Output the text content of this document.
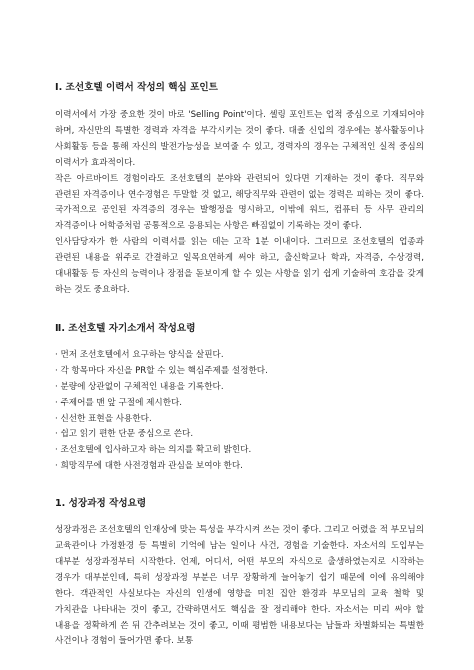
Ⅰ. 조선호텔 이력서 작성의 핵심 포인트

이력서에서 가장 중요한 것이 바로 'Selling Point'이다. 셀링 포인트는 업적 중심으로 기재되어야 하며, 자신만의 특별한 경력과 자격을 부각시키는 것이 좋다. 대졸 신입의 경우에는 봉사활동이나 사회활동 등을 통해 자신의 발전가능성을 보여줄 수 있고, 경력자의 경우는 구체적인 실적 중심의 이력서가 효과적이다.

작은 아르바이트 경험이라도 조선호텔의 분야와 관련되어 있다면 기재하는 것이 좋다. 직무와 관련된 자격증이나 연수경험은 두말할 것 없고, 해당직무와 관련이 없는 경력은 피하는 것이 좋다. 국가적으로 공인된 자격증의 경우는 발행정을 명시하고, 이밖에 워드, 컴퓨터 등 사무 관리의 자격증이나 어학증처럼 공통적으로 응용되는 사항은 빠짐없이 기록하는 것이 좋다.

인사담당자가 한 사람의 이력서를 읽는 데는 고작 1분 이내이다. 그러므로 조선호텔의 업종과 관련된 내용을 위주로 간결하고 일목요연하게 써야 하고, 출신학교나 학과, 자격증, 수상경력, 대내활동 등 자신의 능력이나 장점을 돋보이게 할 수 있는 사항을 읽기 쉽게 기술하여 호감을 갖게 하는 것도 중요하다.

Ⅱ. 조선호텔 자기소개서 작성요령
· 먼저 조선호텔에서 요구하는 양식을 살핀다.
· 각 항목마다 자신을 PR할 수 있는 핵심주제를 설정한다.
· 분량에 상관없이 구체적인 내용을 기록한다.
· 주제어를 맨 앞 구절에 제시한다.
· 신선한 표현을 사용한다.
· 쉽고 읽기 편한 단문 중심으로 쓴다.
· 조선호텔에 입사하고자 하는 의지를 확고히 밝힌다.
· 희망직무에 대한 사전경험과 관심을 보여야 한다.
1. 성장과정 작성요령

성장과정은 조선호텔의 인재상에 맞는 특성을 부각시켜 쓰는 것이 좋다. 그리고 어렸을 적 부모님의 교육관이나 가정환경 등 특별히 기억에 남는 일이나 사건, 경험을 기술한다. 자소서의 도입부는 대부분 성장과정부터 시작한다. 언제, 어디서, 어떤 부모의 자식으로 출생하였는지로 시작하는 경우가 대부분인데, 특히 성장과정 부분은 너무 장황하게 늘어놓기 쉽기 때문에 이에 유의해야 한다. 객관적인 사실보다는 자신의 인생에 영향을 미친 집안 환경과 부모님의 교육 철학 및 가치관을 나타내는 것이 좋고, 간략하면서도 핵심을 잘 정리해야 한다. 자소서는 미리 써야 할 내용을 정확하게 쓴 뒤 간추려보는 것이 좋고, 이때 평범한 내용보다는 남들과 차별화되는 특별한 사건이나 경험이 들어가면 좋다. 보통
